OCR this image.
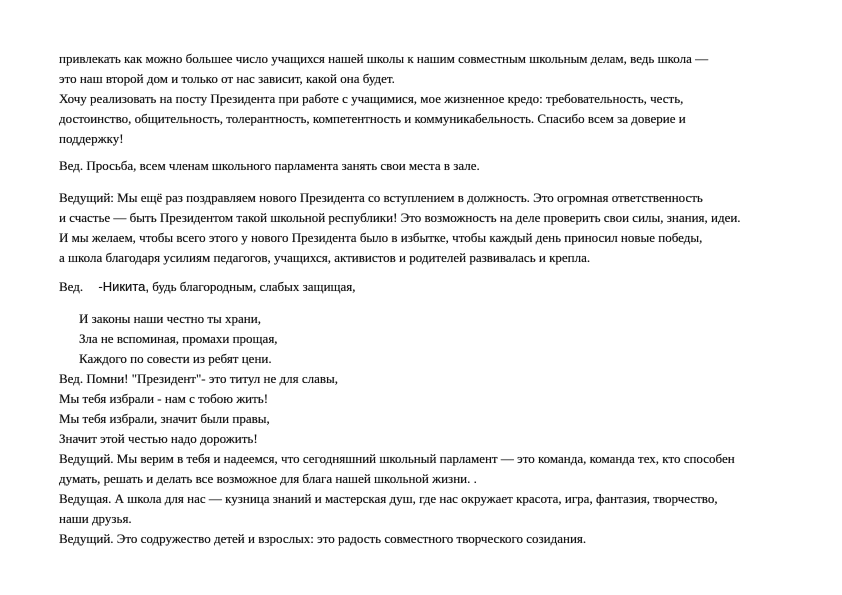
привлекать как можно большее число учащихся нашей школы к нашим совместным школьным делам, ведь школа —
это наш второй дом и только от нас зависит, какой она будет.
Хочу реализовать на посту Президента при работе с учащимися, мое жизненное кредо: требовательность, честь,
достоинство, общительность, толерантность, компетентность и коммуникабельность. Спасибо всем за доверие и
поддержку!
Вед. Просьба, всем членам школьного парламента занять свои места в зале.
Ведущий: Мы ещё раз поздравляем нового Президента со вступлением в должность. Это огромная ответственность
и счастье — быть Президентом такой школьной республики! Это возможность на деле проверить свои силы, знания, идеи.
И мы желаем, чтобы всего этого у нового Президента было в избытке, чтобы каждый день приносил новые победы,
а школа благодаря усилиям педагогов, учащихся, активистов и родителей развивалась и крепла.
Вед. -Никита, будь благородным, слабых защищая,
И законы наши честно ты храни,
Зла не вспоминая, промахи прощая,
Каждого по совести из ребят цени.
Вед. Помни! "Президент"- это титул не для славы,
Мы тебя избрали - нам с тобою жить!
Мы тебя избрали, значит были правы,
Значит этой честью надо дорожить!
Ведущий. Мы верим в тебя и надеемся, что сегодняшний школьный парламент — это команда, команда тех, кто способен
думать, решать и делать все возможное для блага нашей школьной жизни. .
Ведущая. А школа для нас — кузница знаний и мастерская душ, где нас окружает красота, игра, фантазия, творчество,
наши друзья.
Ведущий. Это содружество детей и взрослых: это радость совместного творческого созидания.
